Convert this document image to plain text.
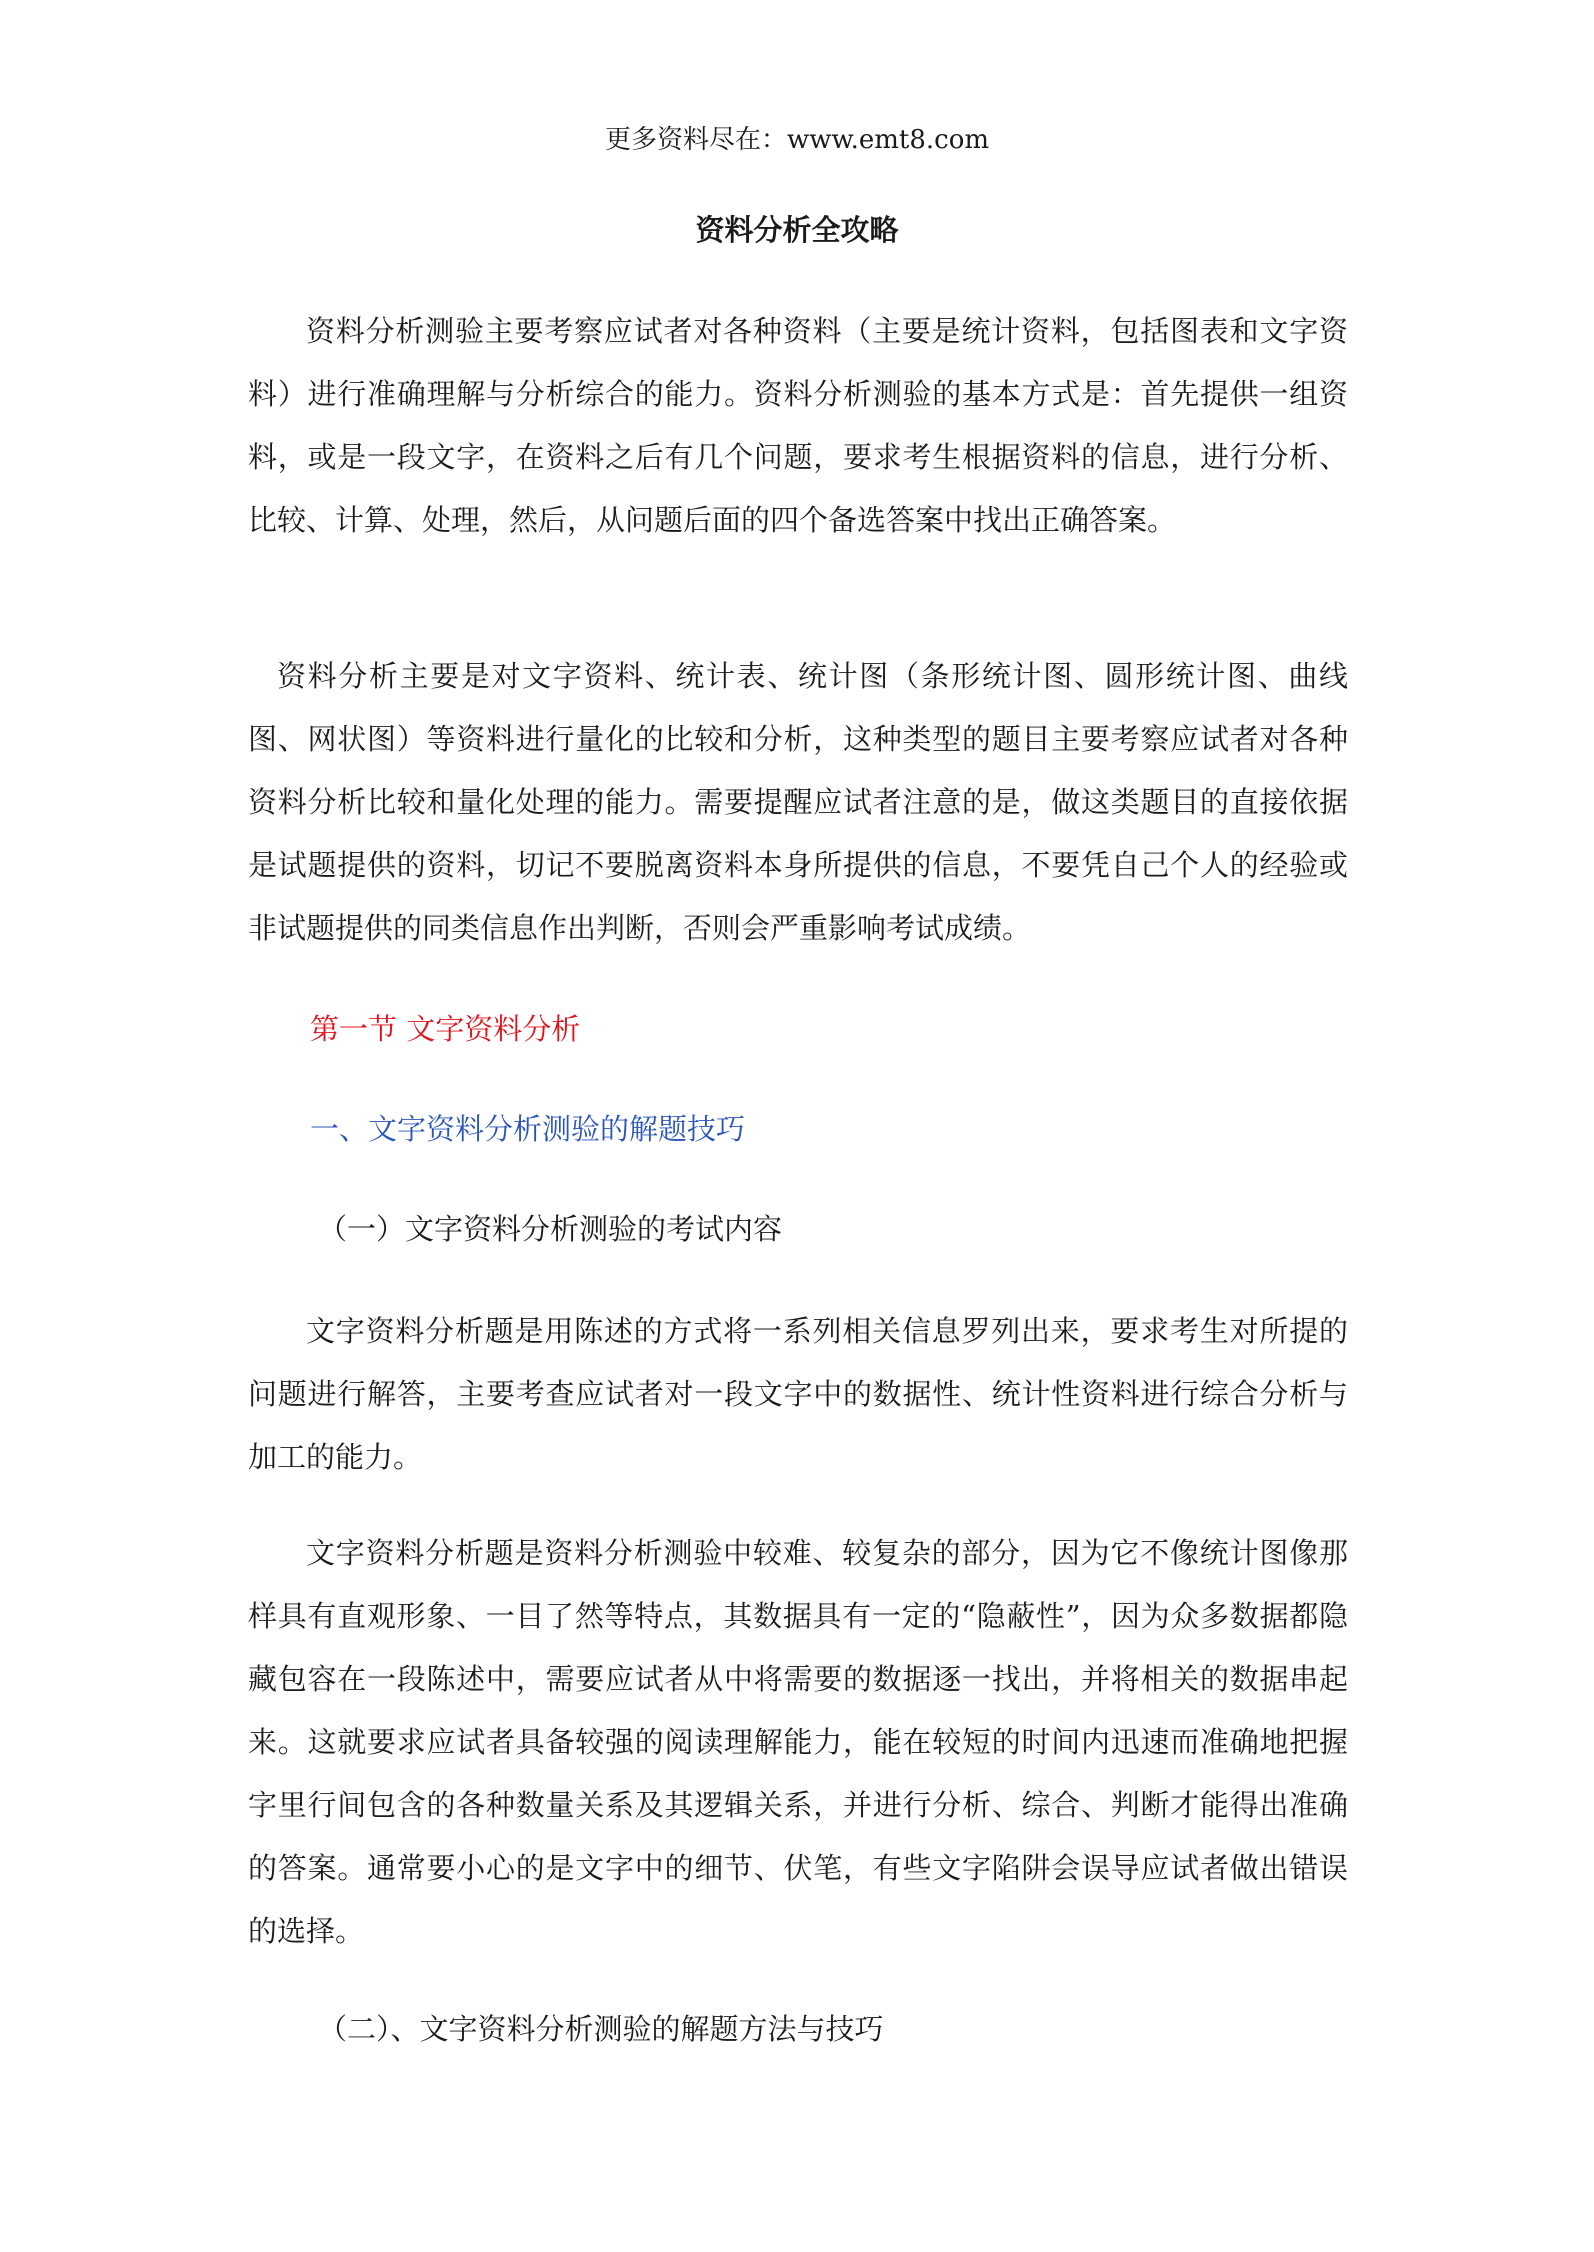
更多资料尽在：www.emt8.com
资料分析全攻略

资料分析测验主要考察应试者对各种资料（主要是统计资料，包括图表和文字资料）进行准确理解与分析综合的能力。资料分析测验的基本方式是：首先提供一组资料，或是一段文字，在资料之后有几个问题，要求考生根据资料的信息，进行分析、比较、计算、处理，然后，从问题后面的四个备选答案中找出正确答案。

资料分析主要是对文字资料、统计表、统计图（条形统计图、圆形统计图、曲线图、网状图）等资料进行量化的比较和分析，这种类型的题目主要考察应试者对各种资料分析比较和量化处理的能力。需要提醒应试者注意的是，做这类题目的直接依据是试题提供的资料，切记不要脱离资料本身所提供的信息，不要凭自己个人的经验或非试题提供的同类信息作出判断，否则会严重影响考试成绩。

第一节 文字资料分析
一、文字资料分析测验的解题技巧
（一）文字资料分析测验的考试内容

文字资料分析题是用陈述的方式将一系列相关信息罗列出来，要求考生对所提的问题进行解答，主要考查应试者对一段文字中的数据性、统计性资料进行综合分析与加工的能力。

文字资料分析题是资料分析测验中较难、较复杂的部分，因为它不像统计图像那样具有直观形象、一目了然等特点，其数据具有一定的“隐蔽性”，因为众多数据都隐藏包容在一段陈述中，需要应试者从中将需要的数据逐一找出，并将相关的数据串起来。这就要求应试者具备较强的阅读理解能力，能在较短的时间内迅速而准确地把握字里行间包含的各种数量关系及其逻辑关系，并进行分析、综合、判断才能得出准确的答案。通常要小心的是文字中的细节、伏笔，有些文字陷阱会误导应试者做出错误的选择。

（二）、文字资料分析测验的解题方法与技巧
